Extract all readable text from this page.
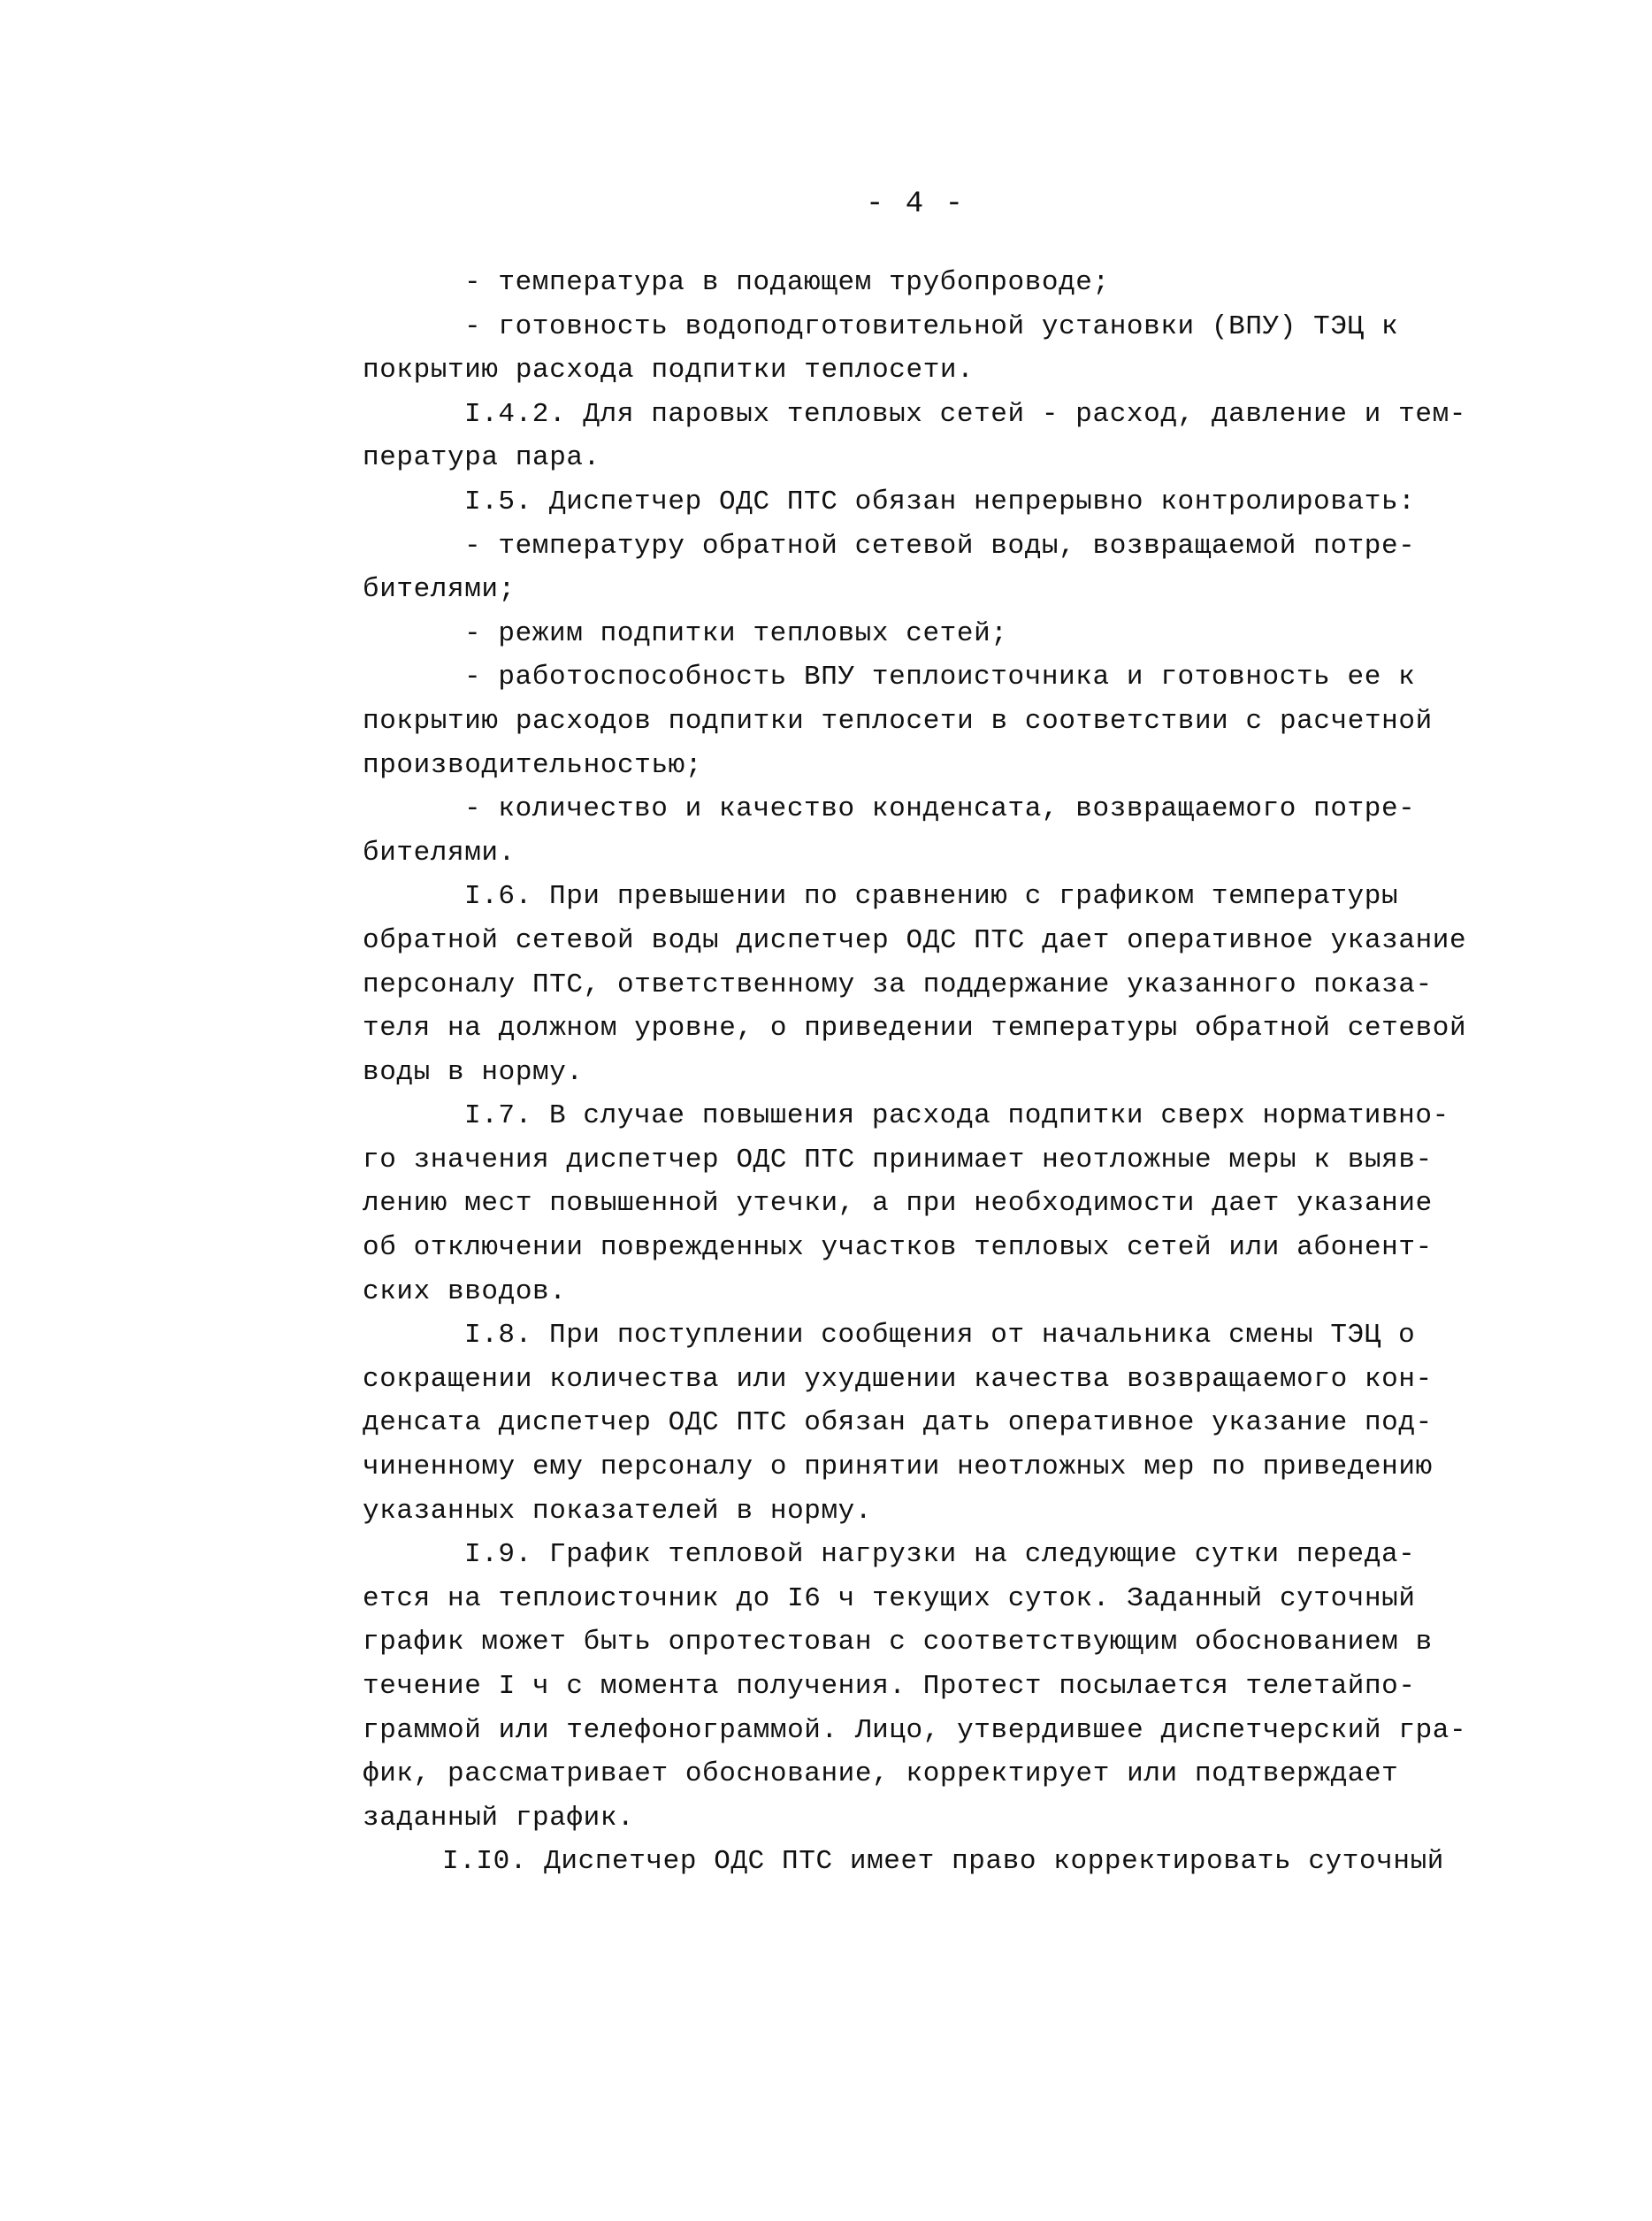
- 4 -
- температура в подающем трубопроводе;
- готовность водоподготовительной установки (ВПУ) ТЭЦ к
покрытию расхода подпитки теплосети.
I.4.2. Для паровых тепловых сетей - расход, давление и тем-
пература пара.
I.5. Диспетчер ОДС ПТС обязан непрерывно контролировать:
- температуру обратной сетевой воды, возвращаемой потре-
бителями;
- режим подпитки тепловых сетей;
- работоспособность ВПУ теплоисточника и готовность ее к
покрытию расходов подпитки теплосети в соответствии с расчетной
производительностью;
- количество и качество конденсата, возвращаемого потре-
бителями.
I.6. При превышении по сравнению с графиком температуры
обратной сетевой воды диспетчер ОДС ПТС дает оперативное указание
персоналу ПТС, ответственному за поддержание указанного показа-
теля на должном уровне, о приведении температуры обратной сетевой
воды в норму.
I.7. В случае повышения расхода подпитки сверх нормативно-
го значения диспетчер ОДС ПТС принимает неотложные меры к выяв-
лению мест повышенной утечки, а при необходимости дает указание
об отключении поврежденных участков тепловых сетей или абонент-
ских вводов.
I.8. При поступлении сообщения от начальника смены ТЭЦ о
сокращении количества или ухудшении качества возвращаемого кон-
денсата диспетчер ОДС ПТС обязан дать оперативное указание под-
чиненному ему персоналу о принятии неотложных мер по приведению
указанных показателей в норму.
I.9. График тепловой нагрузки на следующие сутки переда-
ется на теплоисточник до I6 ч текущих суток. Заданный суточный
график может быть опротестован с соответствующим обоснованием в
течение I ч с момента получения. Протест посылается телетайпо-
граммой или телефонограммой. Лицо, утвердившее диспетчерский гра-
фик, рассматривает обоснование, корректирует или подтверждает
заданный график.
I.I0. Диспетчер ОДС ПТС имеет право корректировать суточный
